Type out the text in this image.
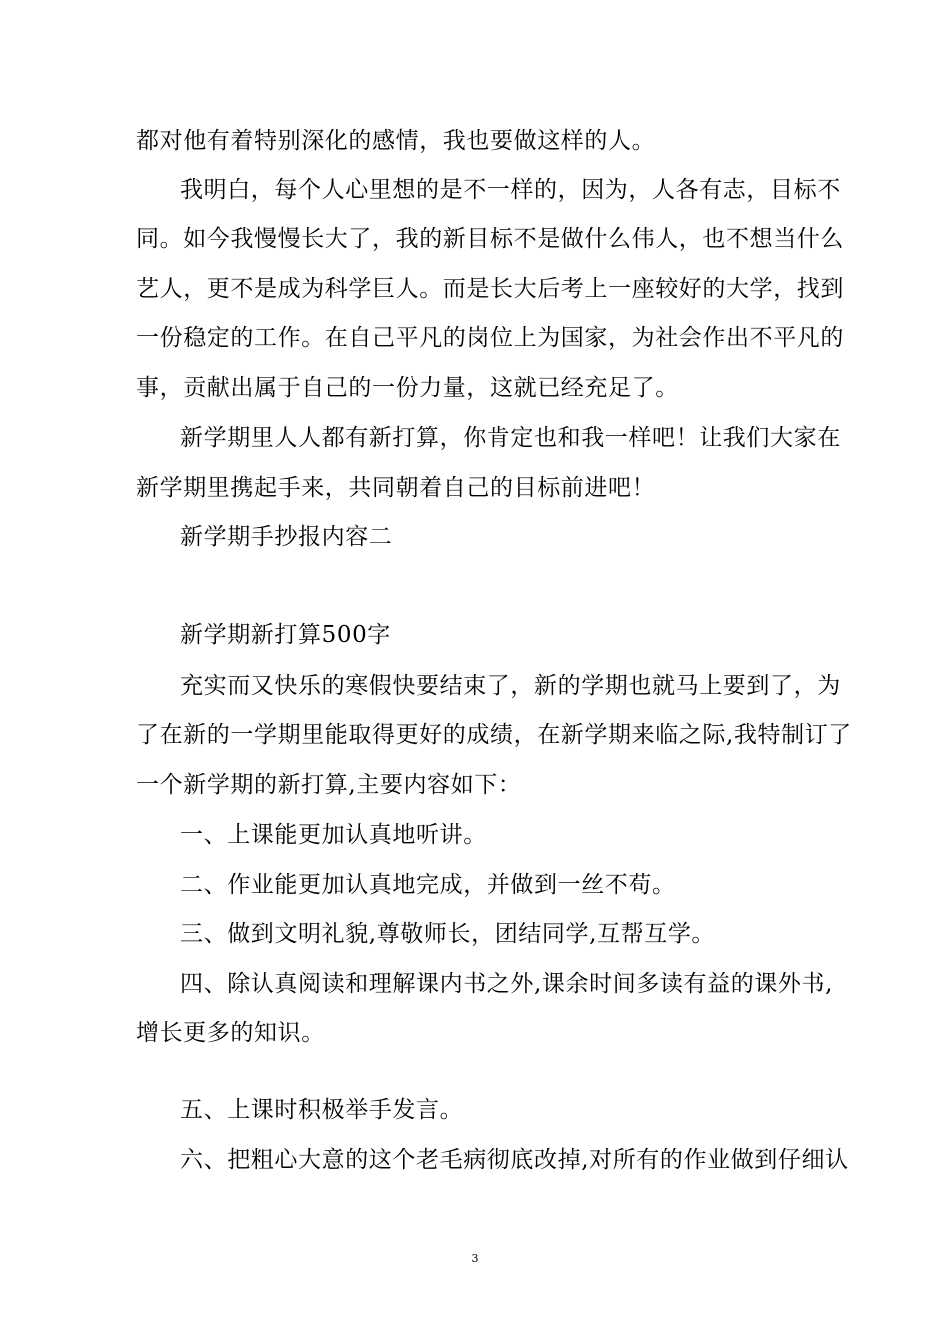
都对他有着特别深化的感情，我也要做这样的人。
我明白，每个人心里想的是不一样的，因为，人各有志，目标不
同。如今我慢慢长大了，我的新目标不是做什么伟人，也不想当什么
艺人，更不是成为科学巨人。而是长大后考上一座较好的大学，找到
一份稳定的工作。在自己平凡的岗位上为国家，为社会作出不平凡的
事，贡献出属于自己的一份力量，这就已经充足了。
新学期里人人都有新打算，你肯定也和我一样吧！让我们大家在
新学期里携起手来，共同朝着自己的目标前进吧！
新学期手抄报内容二
新学期新打算500字
充实而又快乐的寒假快要结束了，新的学期也就马上要到了，为
了在新的一学期里能取得更好的成绩，在新学期来临之际,我特制订了
一个新学期的新打算,主要内容如下：
一、上课能更加认真地听讲。
二、作业能更加认真地完成，并做到一丝不苟。
三、做到文明礼貌,尊敬师长，团结同学,互帮互学。
四、除认真阅读和理解课内书之外,课余时间多读有益的课外书,
增长更多的知识。
五、上课时积极举手发言。
六、把粗心大意的这个老毛病彻底改掉,对所有的作业做到仔细认
3
